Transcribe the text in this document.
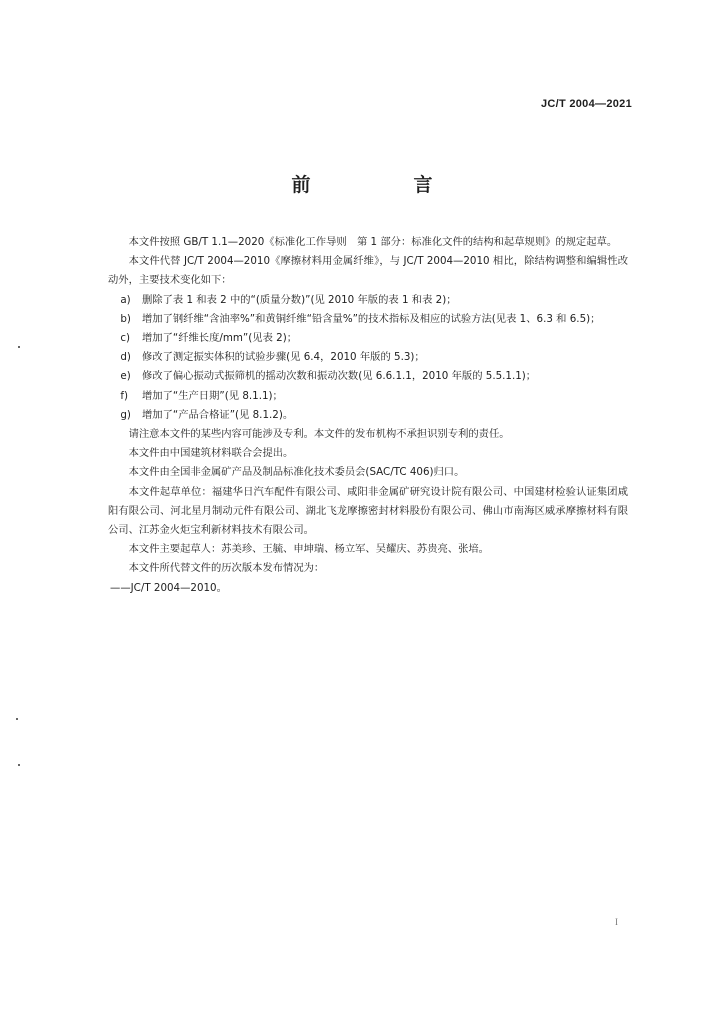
JC/T 2004—2021
前　言

本文件按照 GB/T 1.1—2020《标准化工作导则　第 1 部分：标准化文件的结构和起草规则》的规定起草。

本文件代替 JC/T 2004—2010《摩擦材料用金属纤维》，与 JC/T 2004—2010 相比，除结构调整和编辑性改动外，主要技术变化如下：

a) 删除了表 1 和表 2 中的“(质量分数)”(见 2010 年版的表 1 和表 2)；

b) 增加了钢纤维“含油率%”和黄铜纤维“铅含量%”的技术指标及相应的试验方法(见表 1、6.3 和 6.5)；

c) 增加了“纤维长度/mm”(见表 2)；

d) 修改了测定振实体积的试验步骤(见 6.4，2010 年版的 5.3)；

e) 修改了偏心振动式振筛机的摇动次数和振动次数(见 6.6.1.1，2010 年版的 5.5.1.1)；

f) 增加了“生产日期”(见 8.1.1)；

g) 增加了“产品合格证”(见 8.1.2)。

请注意本文件的某些内容可能涉及专利。本文件的发布机构不承担识别专利的责任。

本文件由中国建筑材料联合会提出。

本文件由全国非金属矿产品及制品标准化技术委员会(SAC/TC 406)归口。

本文件起草单位：福建华日汽车配件有限公司、咸阳非金属矿研究设计院有限公司、中国建材检验认证集团咸阳有限公司、河北星月制动元件有限公司、湖北飞龙摩擦密封材料股份有限公司、佛山市南海区威承摩擦材料有限公司、江苏金火炬宝利新材料技术有限公司。

本文件主要起草人：苏美珍、王毓、申坤瑞、杨立军、吴耀庆、苏贵亮、张培。

本文件所代替文件的历次版本发布情况为：

——JC/T 2004—2010。

I
